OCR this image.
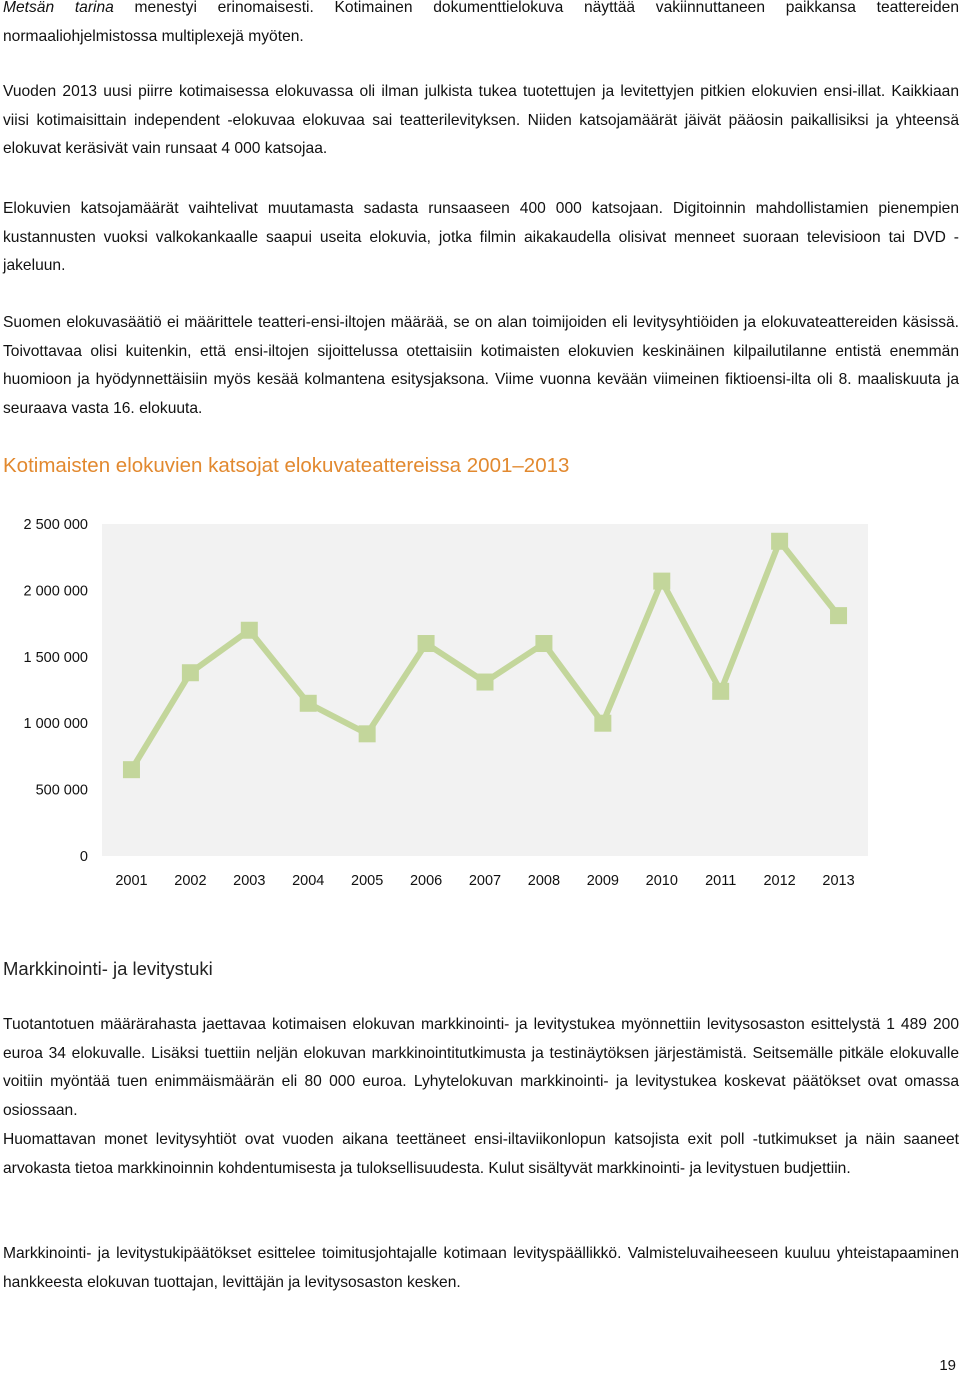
Metsän tarina menestyi erinomaisesti. Kotimainen dokumenttielokuva näyttää vakiinnuttaneen paikkansa teattereiden normaaliohjelmistossa multiplexejä myöten.

Vuoden 2013 uusi piirre kotimaisessa elokuvassa oli ilman julkista tukea tuotettujen ja levitettyjen pitkien elokuvien ensi-illat. Kaikkiaan viisi kotimaisittain independent -elokuvaa elokuvaa sai teatterilevityksen. Niiden katsojamäärät jäivät pääosin paikallisiksi ja yhteensä elokuvat keräsivät vain runsaat 4 000 katsojaa.

Elokuvien katsojamäärät vaihtelivat muutamasta sadasta runsaaseen 400 000 katsojaan. Digitoinnin mahdollistamien pienempien kustannusten vuoksi valkokankaalle saapui useita elokuvia, jotka filmin aikakaudella olisivat menneet suoraan televisioon tai DVD -jakeluun.

Suomen elokuvasäätiö ei määrittele teatteri-ensi-iltojen määrää, se on alan toimijoiden eli levitysyhtiöiden ja elokuvateattereiden käsissä. Toivottavaa olisi kuitenkin, että ensi-iltojen sijoittelussa otettaisiin kotimaisten elokuvien keskinäinen kilpailutilanne entistä enemmän huomioon ja hyödynnettäisiin myös kesää kolmantena esitysjaksona. Viime vuonna kevään viimeinen fiktioensi-ilta oli 8. maaliskuuta ja seuraava vasta 16. elokuuta.

Kotimaisten elokuvien katsojat elokuvateattereissa 2001–2013
0
500 000
1 000 000
1 500 000
2 000 000
2 500 000
2001 2002 2003 2004 2005 2006 2007 2008 2009 2010 2011 2012 2013
Markkinointi- ja levitystuki
Tuotantotuen määrärahasta jaettavaa kotimaisen elokuvan markkinointi- ja levitystukea myönnettiin levitysosaston esittelystä 1 489 200 euroa 34 elokuvalle. Lisäksi tuettiin neljän elokuvan markkinointitutkimusta ja testinäytöksen järjestämistä. Seitsemälle pitkäle elokuvalle voitiin myöntää tuen enimmäismäärän eli 80 000 euroa. Lyhytelokuvan markkinointi- ja levitystukea koskevat päätökset ovat omassa osiossaan.
Huomattavan monet levitysyhtiöt ovat vuoden aikana teettäneet ensi-iltaviikonlopun katsojista exit poll -tutkimukset ja näin saaneet arvokasta tietoa markkinoinnin kohdentumisesta ja tuloksellisuudesta. Kulut sisältyvät markkinointi- ja levitystuen budjettiin.

Markkinointi- ja levitystukipäätökset esittelee toimitusjohtajalle kotimaan levityspäällikkö. Valmisteluvaiheeseen kuuluu yhteistapaaminen hankkeesta elokuvan tuottajan, levittäjän ja levitysosaston kesken.

19
